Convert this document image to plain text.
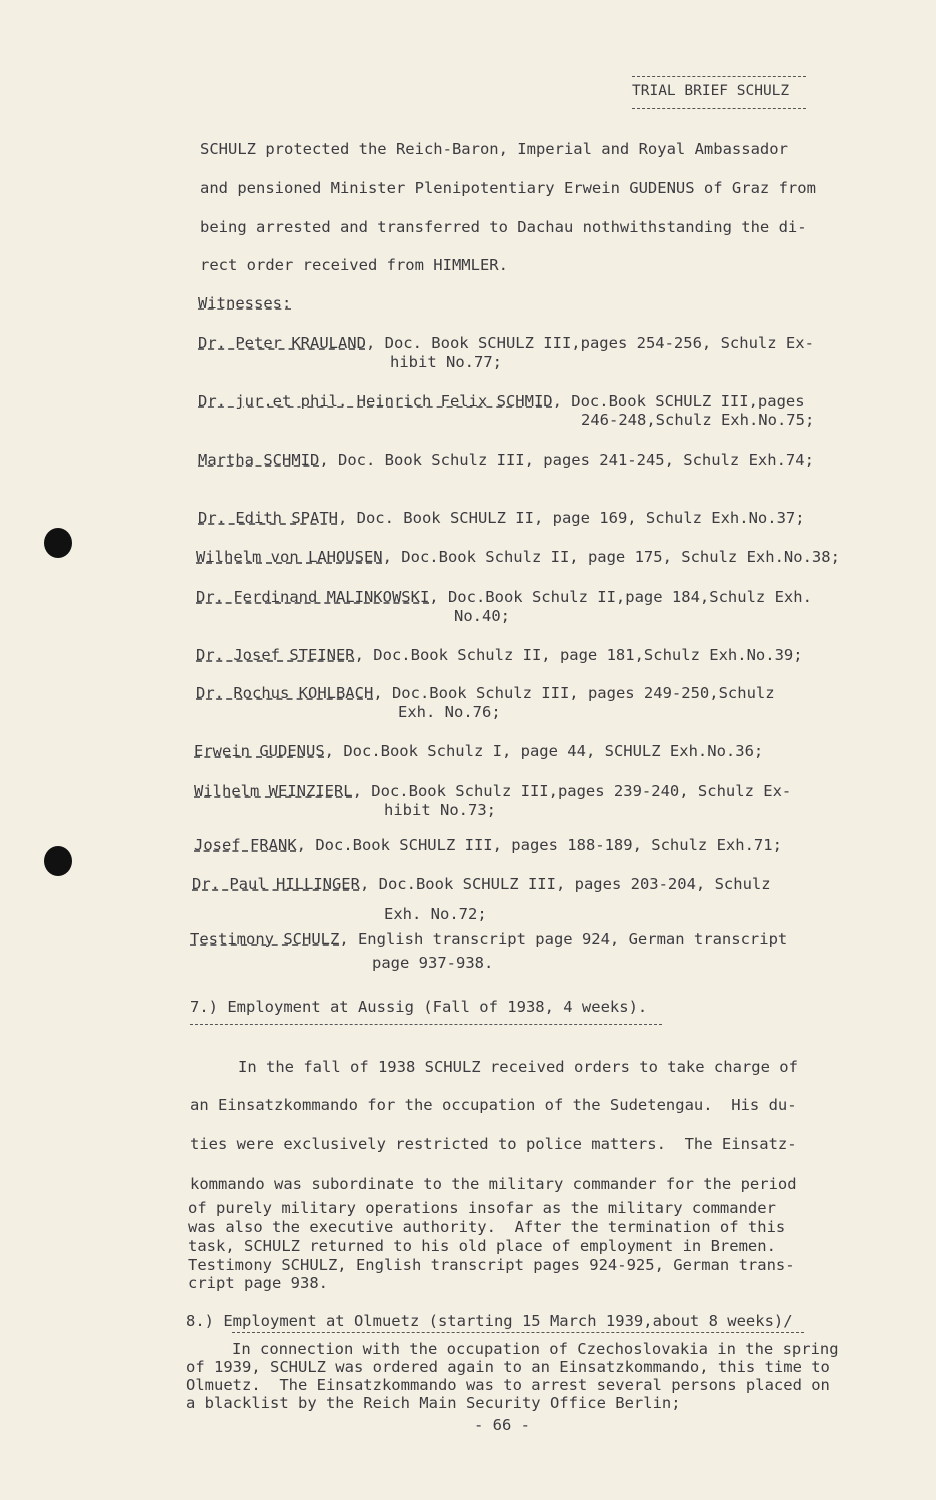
TRIAL BRIEF SCHULZ
SCHULZ protected the Reich-Baron, Imperial and Royal Ambassador
and pensioned Minister Plenipotentiary Erwein GUDENUS of Graz from
being arrested and transferred to Dachau nothwithstanding the di-
rect order received from HIMMLER.
Witnesses:
Dr. Peter KRAULAND, Doc. Book SCHULZ III,pages 254-256, Schulz Ex-
hibit No.77;
Dr. jur.et phil. Heinrich Felix SCHMID, Doc.Book SCHULZ III,pages
246-248,Schulz Exh.No.75;
Martha SCHMID, Doc. Book Schulz III, pages 241-245, Schulz Exh.74;
Dr. Edith SPATH, Doc. Book SCHULZ II, page 169, Schulz Exh.No.37;
Wilhelm von LAHOUSEN, Doc.Book Schulz II, page 175, Schulz Exh.No.38;
Dr. Ferdinand MALINKOWSKI, Doc.Book Schulz II,page 184,Schulz Exh.
No.40;
Dr. Josef STEINER, Doc.Book Schulz II, page 181,Schulz Exh.No.39;
Dr. Rochus KOHLBACH, Doc.Book Schulz III, pages 249-250,Schulz
Exh. No.76;
Erwein GUDENUS, Doc.Book Schulz I, page 44, SCHULZ Exh.No.36;
Wilhelm WEINZIERL, Doc.Book Schulz III,pages 239-240, Schulz Ex-
hibit No.73;
Josef FRANK, Doc.Book SCHULZ III, pages 188-189, Schulz Exh.71;
Dr. Paul HILLINGER, Doc.Book SCHULZ III, pages 203-204, Schulz
Exh. No.72;
Testimony SCHULZ, English transcript page 924, German transcript
page 937-938.
7.) Employment at Aussig (Fall of 1938, 4 weeks).
In the fall of 1938 SCHULZ received orders to take charge of
an Einsatzkommando for the occupation of the Sudetengau.  His du-
ties were exclusively restricted to police matters.  The Einsatz-
kommando was subordinate to the military commander for the period
of purely military operations insofar as the military commander
was also the executive authority.  After the termination of this
task, SCHULZ returned to his old place of employment in Bremen.
Testimony SCHULZ, English transcript pages 924-925, German trans-
cript page 938.
8.) Employment at Olmuetz (starting 15 March 1939,about 8 weeks)/
In connection with the occupation of Czechoslovakia in the spring
of 1939, SCHULZ was ordered again to an Einsatzkommando, this time to
Olmuetz.  The Einsatzkommando was to arrest several persons placed on
a blacklist by the Reich Main Security Office Berlin;
- 66 -
